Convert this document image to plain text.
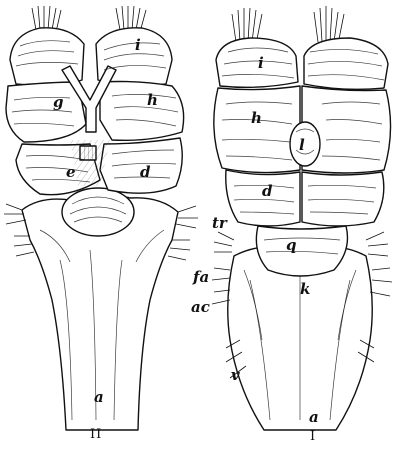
i
g	h
e	d
a
II
i
h
l
d
tr
q
fa
k
ac
v
a
I
